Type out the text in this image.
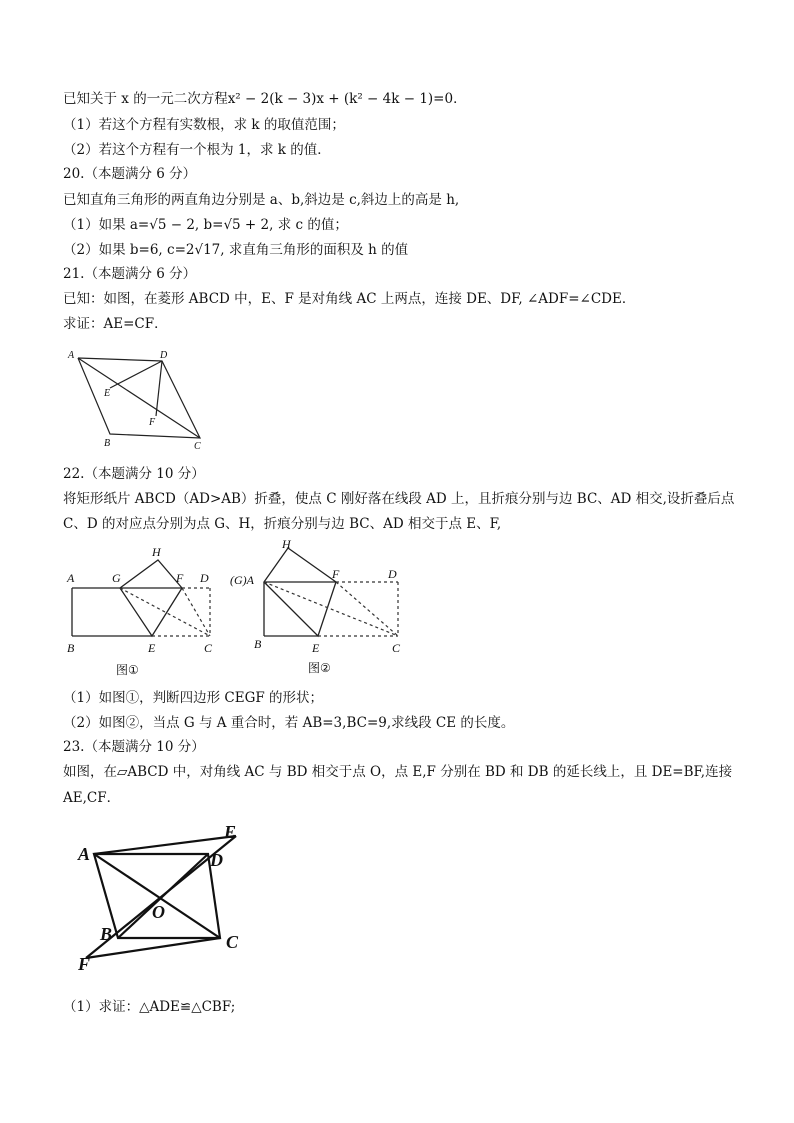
已知关于 x 的一元二次方程x² − 2(k − 3)x + (k² − 4k − 1)=0．
（1）若这个方程有实数根，求 k 的取值范围；
（2）若这个方程有一个根为 1，求 k 的值．
20.（本题满分 6 分）
已知直角三角形的两直角边分别是 a、b,斜边是 c,斜边上的高是 h,
（1）如果 a=√5 − 2, b=√5 + 2, 求 c 的值；
（2）如果 b=6, c=2√17, 求直角三角形的面积及 h 的值
21.（本题满分 6 分）
已知：如图，在菱形 ABCD 中，E、F 是对角线 AC 上两点，连接 DE、DF, ∠ADF=∠CDE．
求证：AE=CF．
A	D
E
F
B	C
22.（本题满分 10 分）
将矩形纸片 ABCD（AD>AB）折叠，使点 C 刚好落在线段 AD 上，且折痕分别与边 BC、AD 相交,设折叠后点
C、D 的对应点分别为点 G、H，折痕分别与边 BC、AD 相交于点 E、F,
A	G
H
F D
B	E	C
图①
(G)A
H
F	D
B	E	C
图②
（1）如图①，判断四边形 CEGF 的形状；
（2）如图②，当点 G 与 A 重合时，若 AB=3,BC=9,求线段 CE 的长度。
23.（本题满分 10 分）
如图，在▱ABCD 中，对角线 AC 与 BD 相交于点 O，点 E,F 分别在 BD 和 DB 的延长线上，且 DE=BF,连接
AE,CF．
A
E
D
O
B	C
F
（1）求证：△ADE≌△CBF;
